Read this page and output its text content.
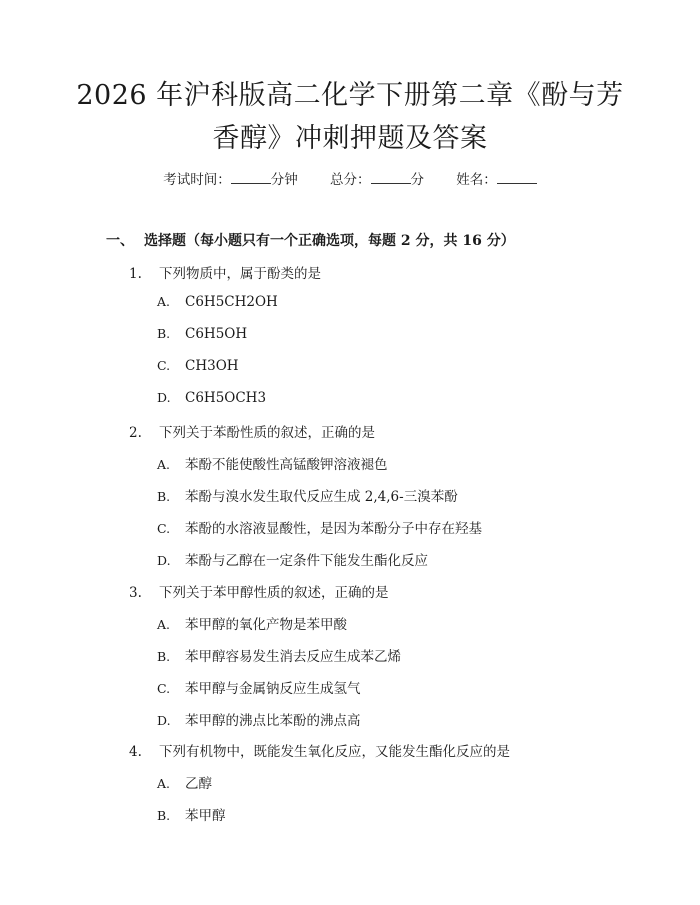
2026 年沪科版高二化学下册第二章《酚与芳
香醇》冲刺押题及答案
考试时间：	分钟 总分：	分 姓名：
一、 选择题（每小题只有一个正确选项，每题 2 分，共 16 分）
1. 下列物质中，属于酚类的是
A. C6H5CH2OH
B. C6H5OH
C. CH3OH
D. C6H5OCH3
2. 下列关于苯酚性质的叙述，正确的是
A. 苯酚不能使酸性高锰酸钾溶液褪色
B. 苯酚与溴水发生取代反应生成 2,4,6-三溴苯酚
C. 苯酚的水溶液显酸性，是因为苯酚分子中存在羟基
D. 苯酚与乙醇在一定条件下能发生酯化反应
3. 下列关于苯甲醇性质的叙述，正确的是
A. 苯甲醇的氧化产物是苯甲酸
B. 苯甲醇容易发生消去反应生成苯乙烯
C. 苯甲醇与金属钠反应生成氢气
D. 苯甲醇的沸点比苯酚的沸点高
4. 下列有机物中，既能发生氧化反应，又能发生酯化反应的是
A. 乙醇
B. 苯甲醇
